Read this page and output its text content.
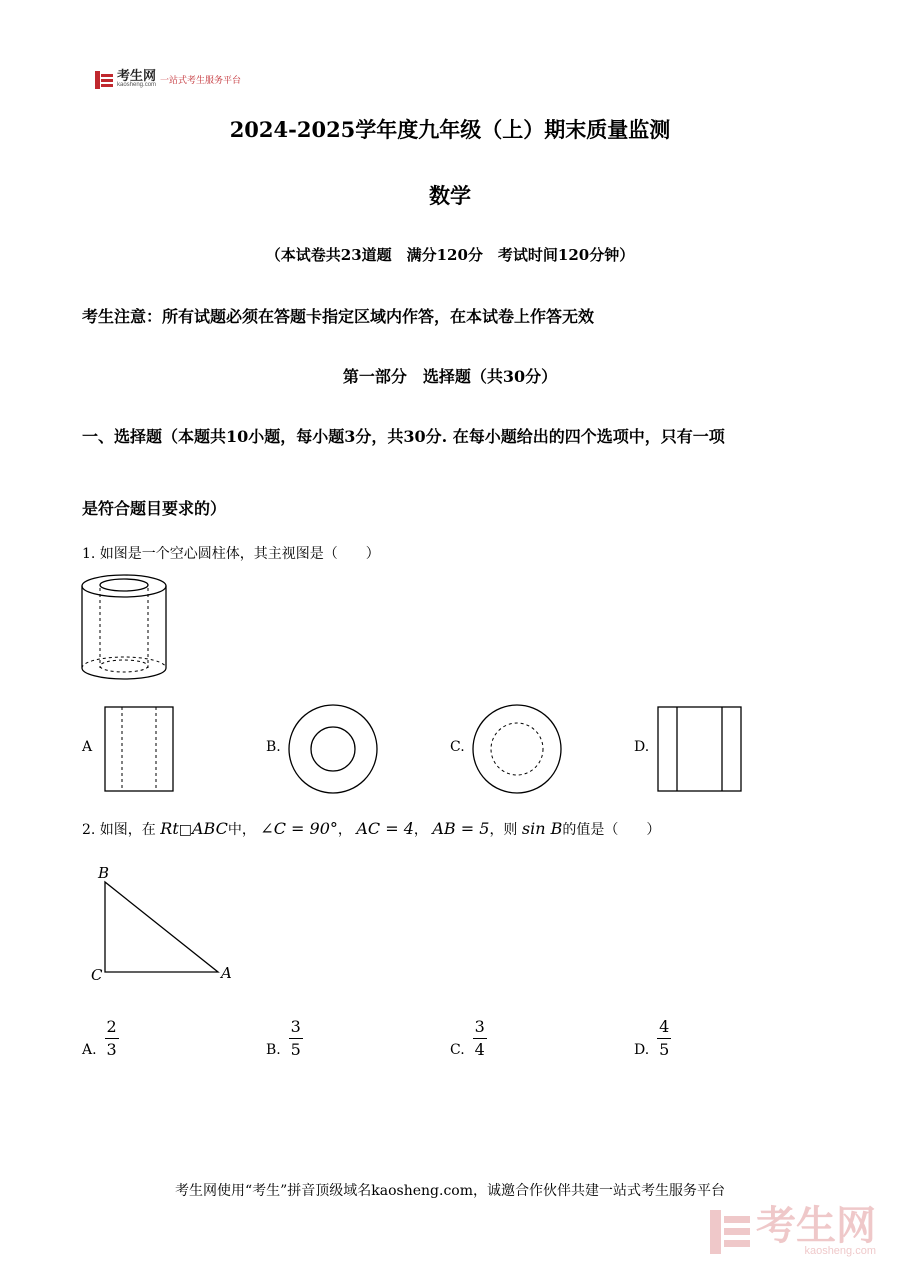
考生网
kaosheng.com 一站式考生服务平台
2024-2025学年度九年级（上）期末质量监测
数学
（本试卷共23道题　满分120分　考试时间120分钟）
考生注意：所有试题必须在答题卡指定区域内作答，在本试卷上作答无效
第一部分　选择题（共30分）
一、选择题（本题共10小题，每小题3分，共30分. 在每小题给出的四个选项中，只有一项
是符合题目要求的）
1. 如图是一个空心圆柱体，其主视图是（　　）
A	B.	C.	D.
2. 如图，在 Rt□ABC中， ∠C = 90°， AC = 4， AB = 5，则 sin B的值是（　　）
B
C	A
A. $\frac{2}{3}$	B. $\frac{3}{5}$	C. $\frac{3}{4}$	D. $\frac{4}{5}$
考生网使用“考生”拼音顶级域名kaosheng.com，诚邀合作伙伴共建一站式考生服务平台
考生网
kaosheng.com
